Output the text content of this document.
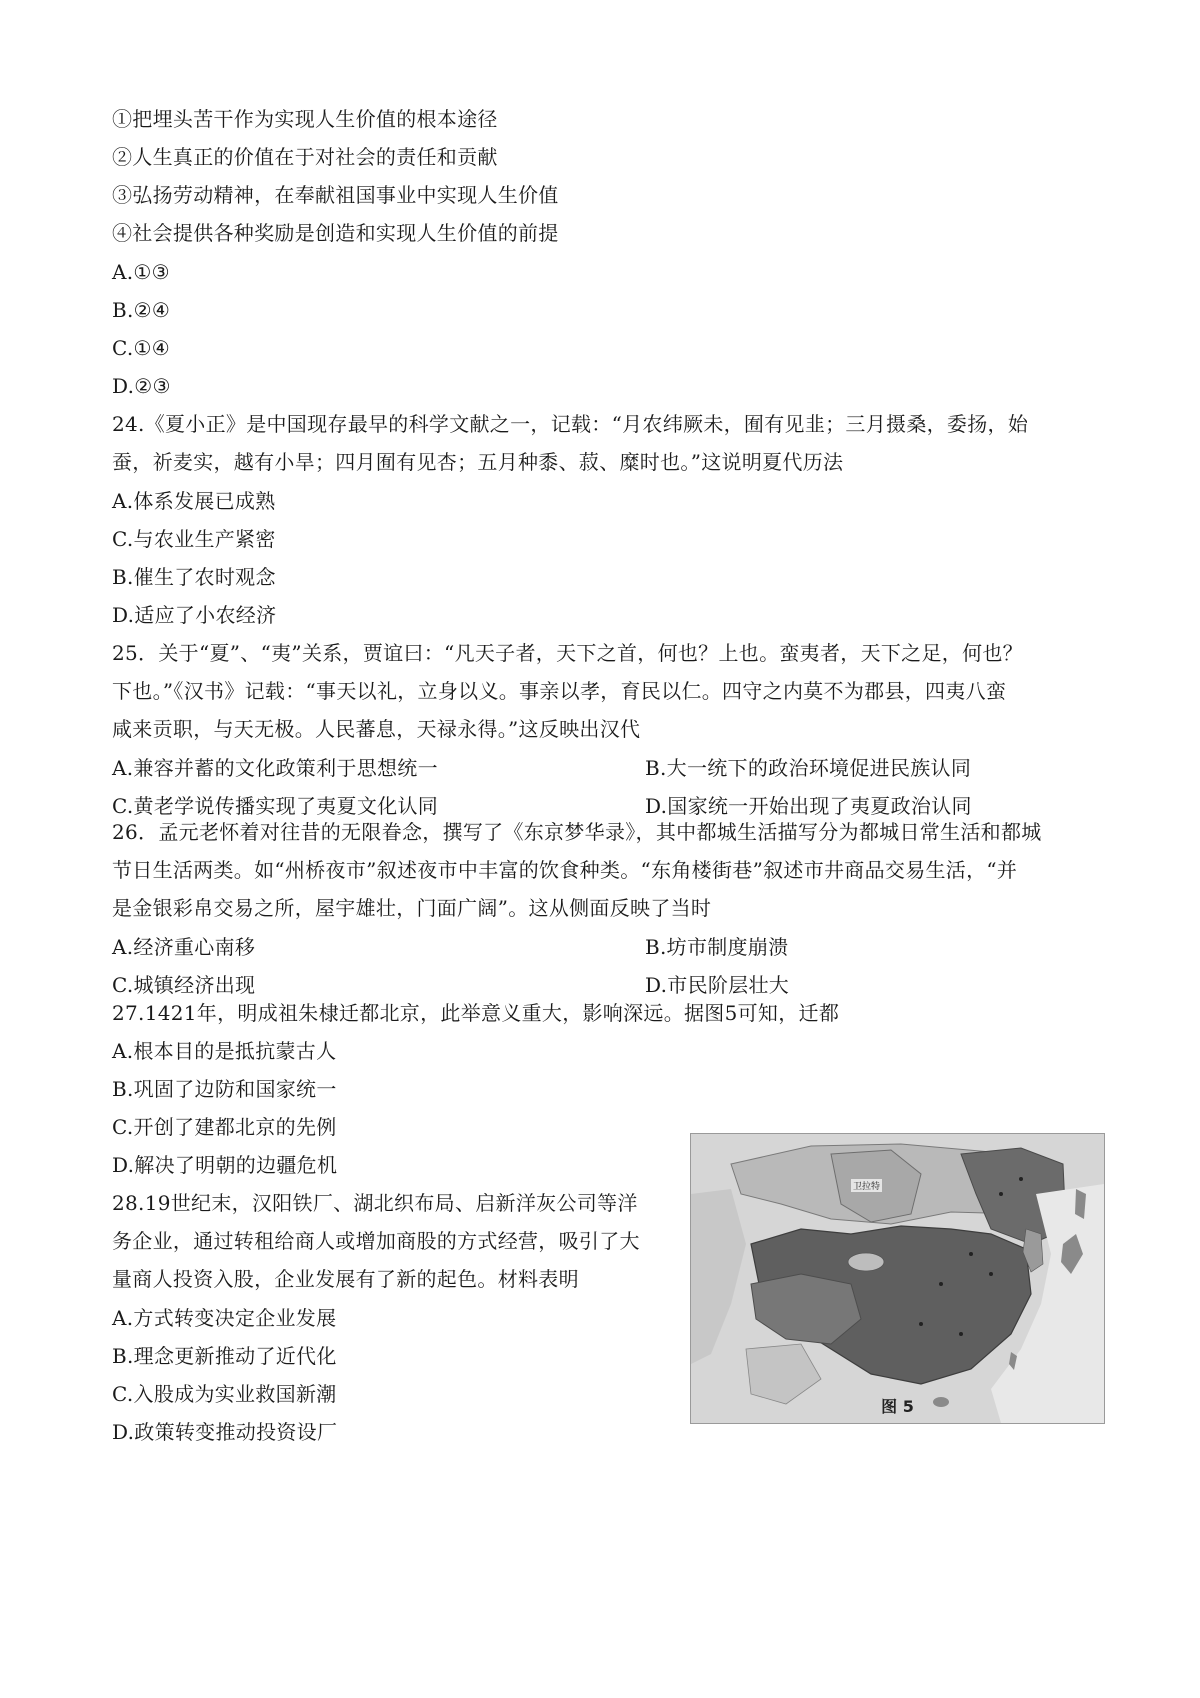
①把埋头苦干作为实现人生价值的根本途径
②人生真正的价值在于对社会的责任和贡献
③弘扬劳动精神，在奉献祖国事业中实现人生价值
④社会提供各种奖励是创造和实现人生价值的前提
A.①③
B.②④
C.①④
D.②③
24.《夏小正》是中国现存最早的科学文献之一，记载：“月农纬厥未，囿有见韭；三月摄桑，委扬，始
蚕，祈麦实，越有小旱；四月囿有见杏；五月种黍、菽、糜时也。”这说明夏代历法
A.体系发展已成熟
C.与农业生产紧密
B.催生了农时观念
D.适应了小农经济
25．关于“夏”、“夷”关系，贾谊曰：“凡天子者，天下之首，何也？上也。蛮夷者，天下之足，何也？
下也。”《汉书》记载：“事天以礼，立身以义。事亲以孝，育民以仁。四守之内莫不为郡县，四夷八蛮
咸来贡职，与天无极。人民蕃息，天禄永得。”这反映出汉代
A.兼容并蓄的文化政策利于思想统一	B.大一统下的政治环境促进民族认同
C.黄老学说传播实现了夷夏文化认同	D.国家统一开始出现了夷夏政治认同
26．孟元老怀着对往昔的无限眷念，撰写了《东京梦华录》，其中都城生活描写分为都城日常生活和都城
节日生活两类。如“州桥夜市”叙述夜市中丰富的饮食种类。“东角楼街巷”叙述市井商品交易生活，“并
是金银彩帛交易之所，屋宇雄壮，门面广阔”。这从侧面反映了当时
A.经济重心南移	B.坊市制度崩溃
C.城镇经济出现	D.市民阶层壮大
27.1421年，明成祖朱棣迁都北京，此举意义重大，影响深远。据图5可知，迁都
A.根本目的是抵抗蒙古人
B.巩固了边防和国家统一
C.开创了建都北京的先例
D.解决了明朝的边疆危机
28.19世纪末，汉阳铁厂、湖北织布局、启新洋灰公司等洋
务企业，通过转租给商人或增加商股的方式经营，吸引了大
量商人投资入股，企业发展有了新的起色。材料表明
A.方式转变决定企业发展
B.理念更新推动了近代化
C.入股成为实业救国新潮
D.政策转变推动投资设厂
卫拉特
图 5
